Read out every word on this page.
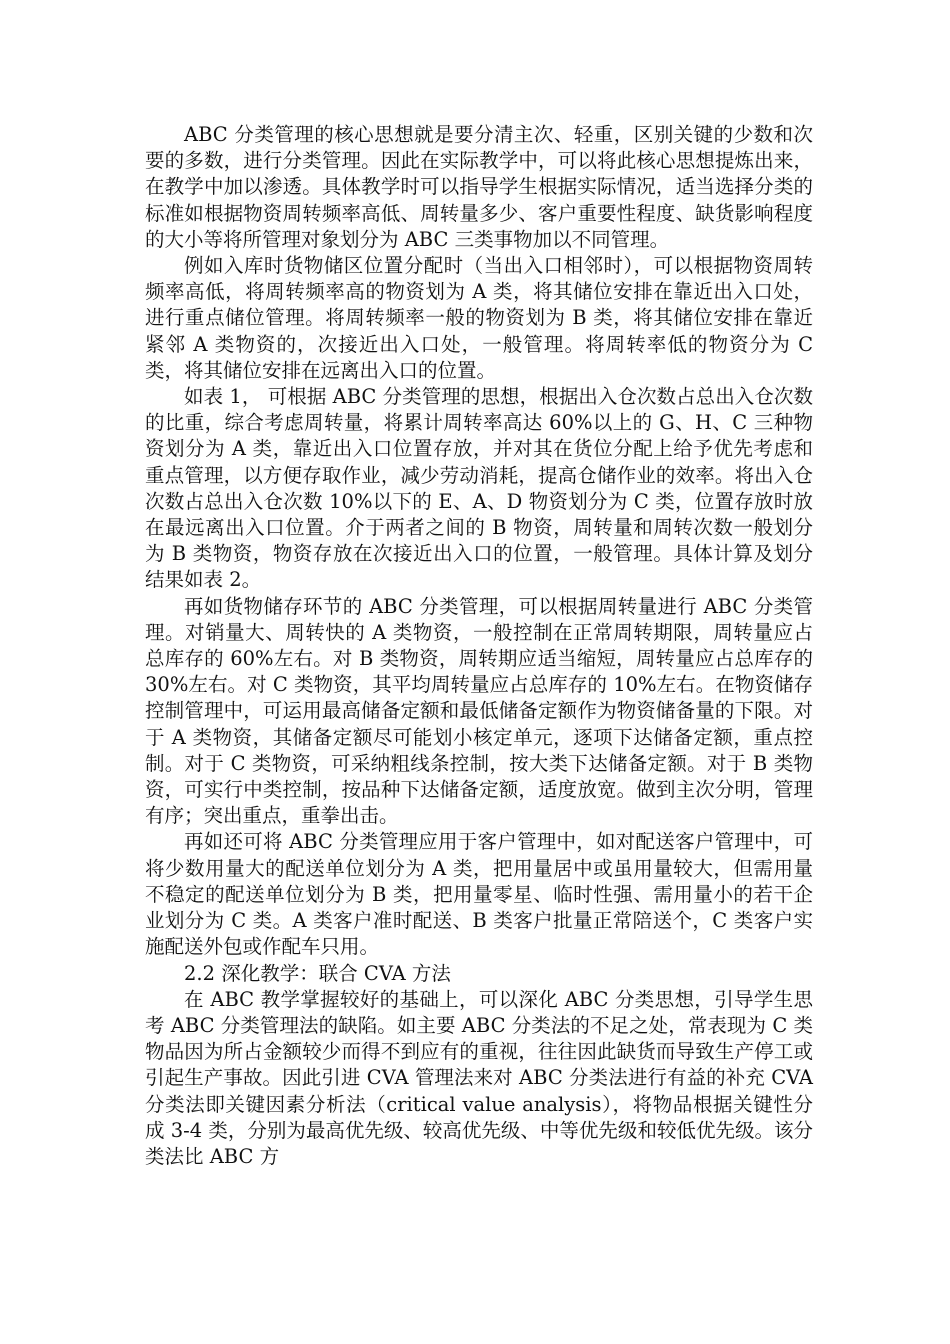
ABC 分类管理的核心思想就是要分清主次、轻重，区别关键的少数和次要的多数，进行分类管理。因此在实际教学中，可以将此核心思想提炼出来，在教学中加以渗透。具体教学时可以指导学生根据实际情况，适当选择分类的标准如根据物资周转频率高低、周转量多少、客户重要性程度、缺货影响程度的大小等将所管理对象划分为 ABC 三类事物加以不同管理。

例如入库时货物储区位置分配时（当出入口相邻时），可以根据物资周转频率高低，将周转频率高的物资划为 A 类，将其储位安排在靠近出入口处，进行重点储位管理。将周转频率一般的物资划为 B 类，将其储位安排在靠近紧邻 A 类物资的，次接近出入口处，一般管理。将周转率低的物资分为 C 类，将其储位安排在远离出入口的位置。

如表 1， 可根据 ABC 分类管理的思想，根据出入仓次数占总出入仓次数的比重，综合考虑周转量，将累计周转率高达 60%以上的 G、H、C 三种物资划分为 A 类，靠近出入口位置存放，并对其在货位分配上给予优先考虑和重点管理，以方便存取作业，减少劳动消耗，提高仓储作业的效率。将出入仓次数占总出入仓次数 10%以下的 E、A、D 物资划分为 C 类，位置存放时放在最远离出入口位置。介于两者之间的 B 物资，周转量和周转次数一般划分为 B 类物资，物资存放在次接近出入口的位置，一般管理。具体计算及划分结果如表 2。

再如货物储存环节的 ABC 分类管理，可以根据周转量进行 ABC 分类管理。对销量大、周转快的 A 类物资，一般控制在正常周转期限，周转量应占总库存的 60%左右。对 B 类物资，周转期应适当缩短，周转量应占总库存的 30%左右。对 C 类物资，其平均周转量应占总库存的 10%左右。在物资储存控制管理中，可运用最高储备定额和最低储备定额作为物资储备量的下限。对于 A 类物资，其储备定额尽可能划小核定单元，逐项下达储备定额，重点控制。对于 C 类物资，可采纳粗线条控制，按大类下达储备定额。对于 B 类物资，可实行中类控制，按品种下达储备定额，适度放宽。做到主次分明，管理有序；突出重点，重拳出击。

再如还可将 ABC 分类管理应用于客户管理中，如对配送客户管理中，可将少数用量大的配送单位划分为 A 类，把用量居中或虽用量较大，但需用量不稳定的配送单位划分为 B 类，把用量零星、临时性强、需用量小的若干企业划分为 C 类。A 类客户准时配送、B 类客户批量正常陪送个，C 类客户实施配送外包或作配车只用。

2.2 深化教学：联合 CVA 方法

在 ABC 教学掌握较好的基础上，可以深化 ABC 分类思想，引导学生思考 ABC 分类管理法的缺陷。如主要 ABC 分类法的不足之处，常表现为 C 类物品因为所占金额较少而得不到应有的重视，往往因此缺货而导致生产停工或引起生产事故。因此引进 CVA 管理法来对 ABC 分类法进行有益的补充 CVA 分类法即关键因素分析法（critical value analysis），将物品根据关键性分成 3-4 类，分别为最高优先级、较高优先级、中等优先级和较低优先级。该分类法比 ABC 方
